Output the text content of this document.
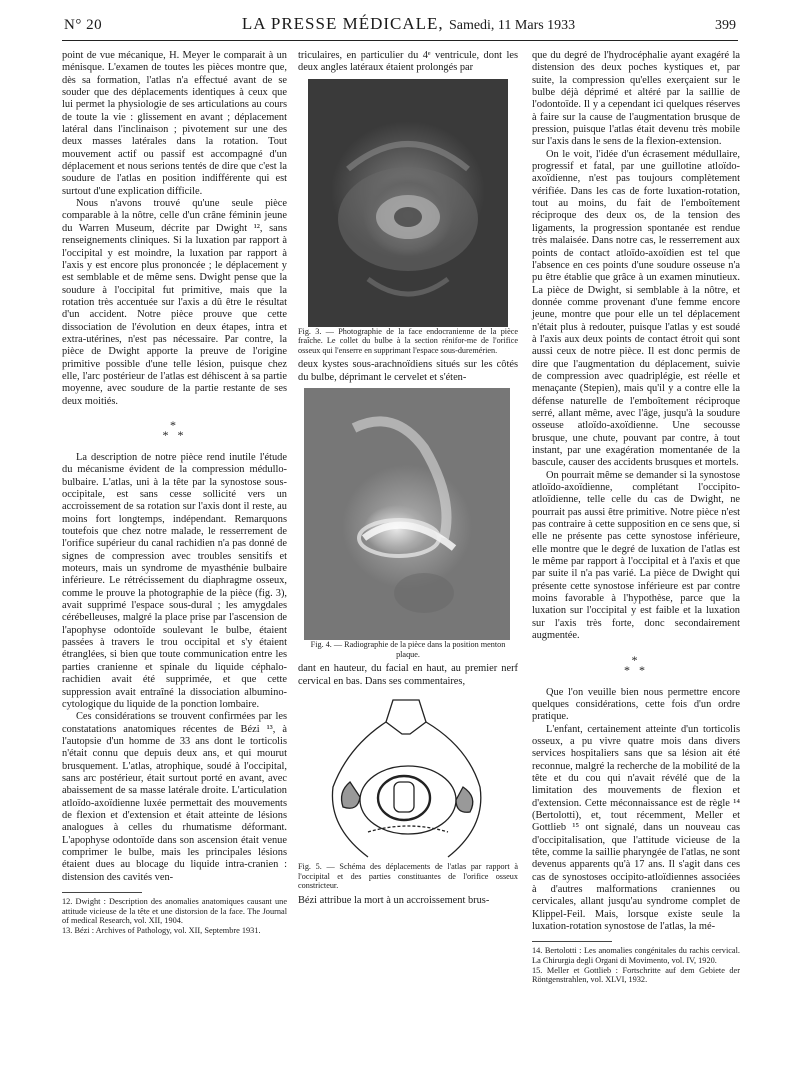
N° 20	LA PRESSE MÉDICALE, Samedi, 11 Mars 1933	399

point de vue mécanique, H. Meyer le comparait à un ménisque. L'examen de toutes les pièces montre que, dès sa formation, l'atlas n'a effectué avant de se souder que des déplacements identiques à ceux que lui permet la physiologie de ses articulations au cours de toute la vie : glissement en avant ; déplacement latéral dans l'inclinaison ; pivotement sur une des deux masses latérales dans la rotation. Tout mouvement actif ou passif est accompagné d'un déplacement et nous serions tentés de dire que c'est la soudure de l'atlas en position indifférente qui est surtout d'une explication difficile.

Nous n'avons trouvé qu'une seule pièce comparable à la nôtre, celle d'un crâne féminin jeune du Warren Museum, décrite par Dwight ¹², sans renseignements cliniques. Si la luxation par rapport à l'occipital y est moindre, la luxation par rapport à l'axis y est encore plus prononcée ; le déplacement y est semblable et de même sens. Dwight pense que la soudure à l'occipital fut primitive, mais que la rotation très accentuée sur l'axis a dû être le résultat d'un accident. Notre pièce prouve que cette dissociation de l'évolution en deux étapes, intra et extra-utérines, n'est pas nécessaire. Par contre, la pièce de Dwight apporte la preuve de l'origine primitive possible d'une telle lésion, puisque chez elle, l'arc postérieur de l'atlas est déhiscent à sa partie moyenne, avec soudure de la partie restante de ses deux moitiés.

*
* *

La description de notre pièce rend inutile l'étude du mécanisme évident de la compression médullo-bulbaire. L'atlas, uni à la tête par la synostose sous-occipitale, est sans cesse sollicité vers un accroissement de sa rotation sur l'axis dont il reste, au moins fort longtemps, indépendant. Remarquons toutefois que chez notre malade, le resserrement de l'orifice supérieur du canal rachidien n'a pas donné de signes de compression avec troubles sensitifs et moteurs, mais un syndrome de myasthénie bulbaire inférieure. Le rétrécissement du diaphragme osseux, comme le prouve la photographie de la pièce (fig. 3), avait supprimé l'espace sous-dural ; les amygdales cérébelleuses, malgré la place prise par l'ascension de l'apophyse odontoïde soulevant le bulbe, étaient passées à travers le trou occipital et s'y étaient étranglées, si bien que toute communication entre les parties cranienne et spinale du liquide céphalo-rachidien avait été supprimée, et que cette suppression avait entraîné la dissociation albumino-cytologique du liquide de la ponction lombaire.

Ces considérations se trouvent confirmées par les constatations anatomiques récentes de Bézi ¹³, à l'autopsie d'un homme de 33 ans dont le torticolis n'était connu que depuis deux ans, et qui mourut brusquement. L'atlas, atrophique, soudé à l'occipital, sans arc postérieur, était surtout porté en avant, avec abaissement de sa masse latérale droite. L'articulation atloïdo-axoïdienne luxée permettait des mouvements de flexion et d'extension et était atteinte de lésions analogues à celles du rhumatisme déformant. L'apophyse odontoïde dans son ascension était venue comprimer le bulbe, mais les principales lésions étaient dues au blocage du liquide intra-cranien : distension des cavités ven-

12. Dwight : Description des anomalies anatomiques causant une attitude vicieuse de la tête et une distorsion de la face. The Journal of medical Research, vol. XII, 1904.

13. Bézi : Archives of Pathology, vol. XII, Septembre 1931.

triculaires, en particulier du 4ᵉ ventricule, dont les deux angles latéraux étaient prolongés par

Fig. 3. — Photographie de la face endocranienne de la pièce fraîche. Le collet du bulbe à la section rénifor-me de l'orifice osseux qui l'enserre en supprimant l'espace sous-duremérien.

deux kystes sous-arachnoïdiens situés sur les côtés du bulbe, déprimant le cervelet et s'éten-

Fig. 4. — Radiographie de la pièce dans la position menton plaque.

dant en hauteur, du facial en haut, au premier nerf cervical en bas. Dans ses commentaires,

Fig. 5. — Schéma des déplacements de l'atlas par rapport à l'occipital et des parties constituantes de l'orifice osseux constricteur.

Bézi attribue la mort à un accroissement brus-

que du degré de l'hydrocéphalie ayant exagéré la distension des deux poches kystiques et, par suite, la compression qu'elles exerçaient sur le bulbe déjà déprimé et altéré par la saillie de l'odontoïde. Il y a cependant ici quelques réserves à faire sur la cause de l'augmentation brusque de pression, puisque l'atlas était devenu très mobile sur l'axis dans le sens de la flexion-extension.

On le voit, l'idée d'un écrasement médullaire, progressif et fatal, par une guillotine atloïdo-axoïdienne, n'est pas toujours complètement vérifiée. Dans les cas de forte luxation-rotation, tout au moins, du fait de l'emboîtement réciproque des deux os, de la tension des ligaments, la progression spontanée est rendue très malaisée. Dans notre cas, le resserrement aux points de contact atloïdo-axoïdien est tel que l'absence en ces points d'une soudure osseuse n'a pu être établie que grâce à un examen minutieux. La pièce de Dwight, si semblable à la nôtre, et donnée comme provenant d'une femme encore jeune, montre que pour elle un tel déplacement n'était plus à redouter, puisque l'atlas y est soudé à l'axis aux deux points de contact étroit qui sont aussi ceux de notre pièce. Il est donc permis de dire que l'augmentation du déplacement, suivie de compression avec quadriplégie, est réelle et menaçante (Stepien), mais qu'il y a contre elle la défense naturelle de l'emboîtement réciproque serré, allant même, avec l'âge, jusqu'à la soudure osseuse atloïdo-axoïdienne. Une secousse brusque, une chute, pouvant par contre, à tout instant, par une exagération momentanée de la bascule, causer des accidents brusques et mortels.

On pourrait même se demander si la synostose atloïdo-axoïdienne, complétant l'occipito-atloïdienne, telle celle du cas de Dwight, ne pourrait pas aussi être primitive. Notre pièce n'est pas contraire à cette supposition en ce sens que, si elle ne présente pas cette synostose inférieure, elle montre que le degré de luxation de l'atlas est le même par rapport à l'occipital et à l'axis et que par suite il n'a pas varié. La pièce de Dwight qui présente cette synostose inférieure est par contre moins favorable à l'hypothèse, parce que la luxation sur l'occipital y est faible et la luxation sur l'axis très forte, donc secondairement augmentée.

*
* *

Que l'on veuille bien nous permettre encore quelques considérations, cette fois d'un ordre pratique.

L'enfant, certainement atteinte d'un torticolis osseux, a pu vivre quatre mois dans divers services hospitaliers sans que sa lésion ait été reconnue, malgré la recherche de la mobilité de la tête et du cou qui n'avait révélé que de la limitation des mouvements de flexion et d'extension. Cette méconnaissance est de règle ¹⁴ (Bertolotti), et, tout récemment, Meller et Gottlieb ¹⁵ ont signalé, dans un nouveau cas d'occipitalisation, que l'attitude vicieuse de la tête, comme la saillie pharyngée de l'atlas, ne sont devenus apparents qu'à 17 ans. Il s'agit dans ces cas de synostoses occipito-atloïdiennes associées à d'autres malformations craniennes ou cervicales, allant jusqu'au syndrome complet de Klippel-Feil. Mais, lorsque existe seule la luxation-rotation synostose de l'atlas, la mé-

14. Bertolotti : Les anomalies congénitales du rachis cervical. La Chirurgia degli Organi di Movimento, vol. IV, 1920.

15. Meller et Gottlieb : Fortschritte auf dem Gebiete der Röntgenstrahlen, vol. XLVI, 1932.
